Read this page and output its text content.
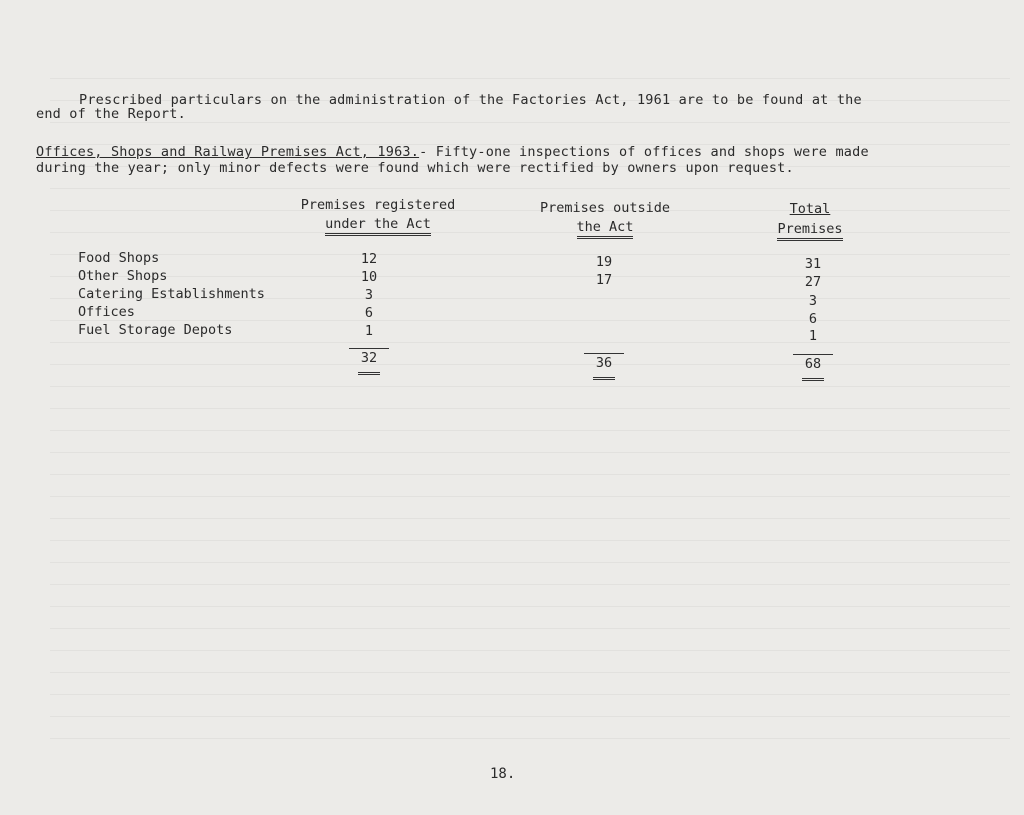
Prescribed particulars on the administration of the Factories Act, 1961 are to be found at the
end of the Report.
Offices, Shops and Railway Premises Act, 1963.- Fifty-one inspections of offices and shops were made
during the year; only minor defects were found which were rectified by owners upon request.
Premises registered
under the Act
Premises outside
the Act
Total
Premises
Food Shops
Other Shops
Catering Establishments
Offices
Fuel Storage Depots
12
10
3
6
1
19
17
31
27
3
6
1
32	36	68
18.
